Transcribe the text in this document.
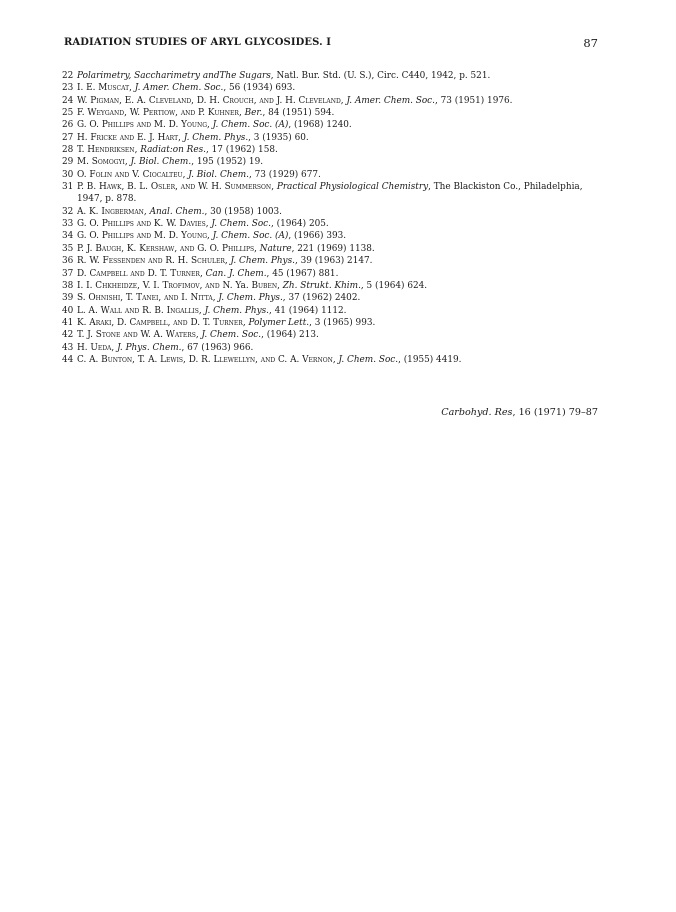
RADIATION STUDIES OF ARYL GLYCOSIDES. I	87
22 Polarimetry, Saccharimetry andThe Sugars, Natl. Bur. Std. (U. S.), Circ. C440, 1942, p. 521.
23 I. E. Muscat, J. Amer. Chem. Soc., 56 (1934) 693.
24 W. Pigman, E. A. Cleveland, D. H. Crouch, and J. H. Cleveland, J. Amer. Chem. Soc., 73 (1951) 1976.
25 F. Weygand, W. Pertiow, and P. Kuhner, Ber., 84 (1951) 594.
26 G. O. Phillips and M. D. Young, J. Chem. Soc. (A), (1968) 1240.
27 H. Fricke and E. J. Hart, J. Chem. Phys., 3 (1935) 60.
28 T. Hendriksen, Radiat:on Res., 17 (1962) 158.
29 M. Somogyi, J. Biol. Chem., 195 (1952) 19.
30 O. Folin and V. Ciocalteu, J. Biol. Chem., 73 (1929) 677.
31 P. B. Hawk, B. L. Osler, and W. H. Summerson, Practical Physiological Chemistry, The Blackiston Co., Philadelphia, 1947, p. 878.
32 A. K. Ingberman, Anal. Chem., 30 (1958) 1003.
33 G. O. Phillips and K. W. Davies, J. Chem. Soc., (1964) 205.
34 G. O. Phillips and M. D. Young, J. Chem. Soc. (A), (1966) 393.
35 P. J. Baugh, K. Kershaw, and G. O. Phillips, Nature, 221 (1969) 1138.
36 R. W. Fessenden and R. H. Schuler, J. Chem. Phys., 39 (1963) 2147.
37 D. Campbell and D. T. Turner, Can. J. Chem., 45 (1967) 881.
38 I. I. Chkheidze, V. I. Trofimov, and N. Ya. Buben, Zh. Strukt. Khim., 5 (1964) 624.
39 S. Ohnishi, T. Tanei, and I. Nitta, J. Chem. Phys., 37 (1962) 2402.
40 L. A. Wall and R. B. Ingallis, J. Chem. Phys., 41 (1964) 1112.
41 K. Araki, D. Campbell, and D. T. Turner, Polymer Lett., 3 (1965) 993.
42 T. J. Stone and W. A. Waters, J. Chem. Soc., (1964) 213.
43 H. Ueda, J. Phys. Chem., 67 (1963) 966.
44 C. A. Bunton, T. A. Lewis, D. R. Llewellyn, and C. A. Vernon, J. Chem. Soc., (1955) 4419.
Carbohyd. Res, 16 (1971) 79–87
